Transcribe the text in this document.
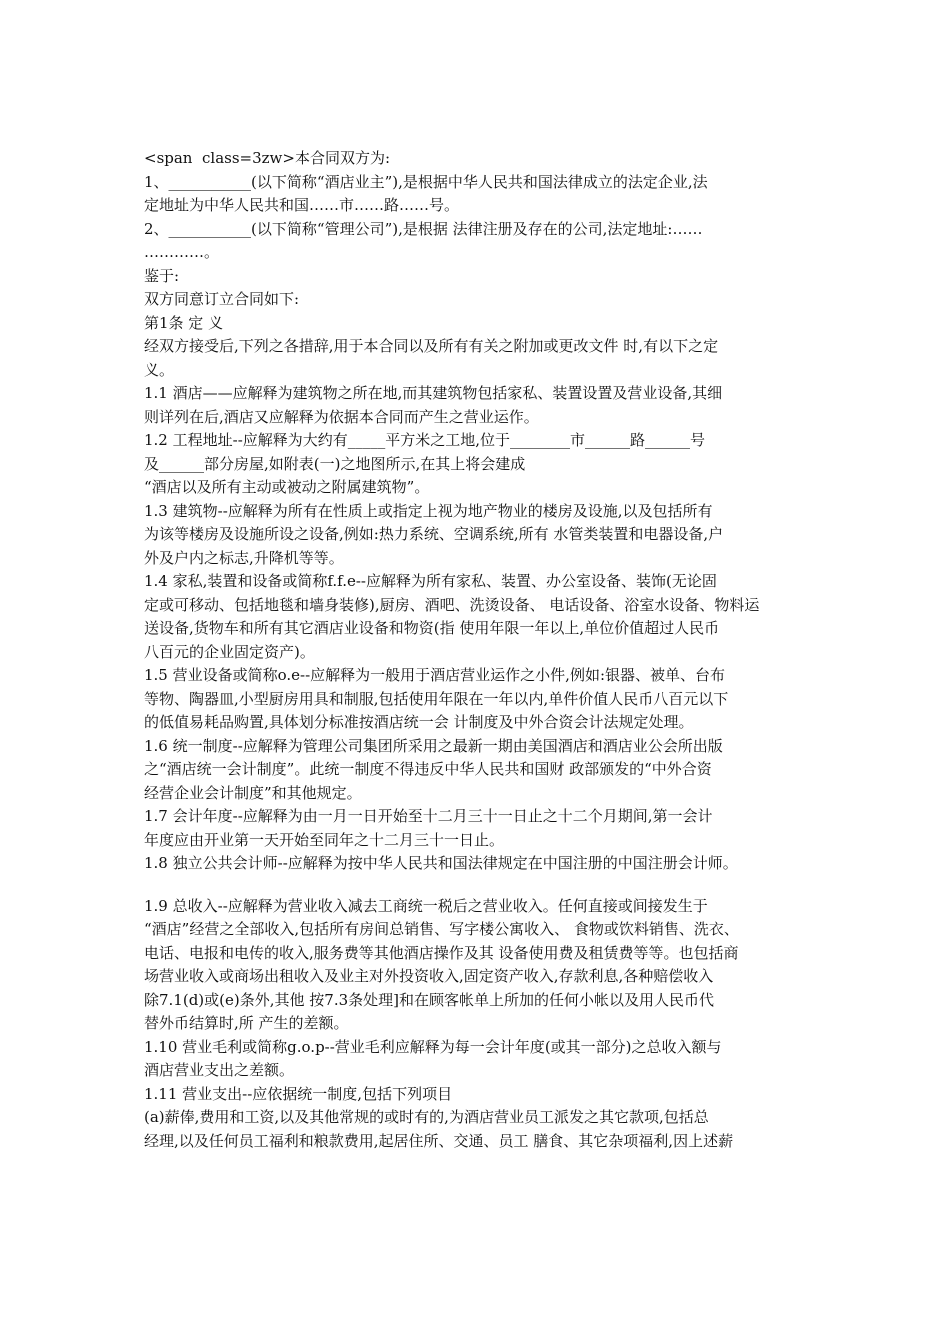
<span  class=3zw>本合同双方为:
1、___________(以下简称“酒店业主”),是根据中华人民共和国法律成立的法定企业,法
定地址为中华人民共和国……市……路……号。
2、___________(以下简称“管理公司”),是根据 法律注册及存在的公司,法定地址:……
…………。
鉴于:
双方同意订立合同如下:
第1条 定 义
经双方接受后,下列之各措辞,用于本合同以及所有有关之附加或更改文件 时,有以下之定
义。
1.1 酒店——应解释为建筑物之所在地,而其建筑物包括家私、装置设置及营业设备,其细
则详列在后,酒店又应解释为依据本合同而产生之营业运作。
1.2 工程地址--应解释为大约有_____平方米之工地,位于________市______路______号
及______部分房屋,如附表(一)之地图所示,在其上将会建成
“酒店以及所有主动或被动之附属建筑物”。
1.3 建筑物--应解释为所有在性质上或指定上视为地产物业的楼房及设施,以及包括所有
为该等楼房及设施所设之设备,例如:热力系统、空调系统,所有 水管类装置和电器设备,户
外及户内之标志,升降机等等。
1.4 家私,装置和设备或简称f.f.e--应解释为所有家私、装置、办公室设备、装饰(无论固
定或可移动、包括地毯和墙身装修),厨房、酒吧、洗烫设备、 电话设备、浴室水设备、物料运
送设备,货物车和所有其它酒店业设备和物资(指 使用年限一年以上,单位价值超过人民币
八百元的企业固定资产)。
1.5 营业设备或简称o.e--应解释为一般用于酒店营业运作之小件,例如:银器、被单、台布
等物、陶器皿,小型厨房用具和制服,包括使用年限在一年以内,单件价值人民币八百元以下
的低值易耗品购置,具体划分标准按酒店统一会 计制度及中外合资会计法规定处理。
1.6 统一制度--应解释为管理公司集团所采用之最新一期由美国酒店和酒店业公会所出版
之“酒店统一会计制度”。此统一制度不得违反中华人民共和国财 政部颁发的“中外合资
经营企业会计制度”和其他规定。
1.7 会计年度--应解释为由一月一日开始至十二月三十一日止之十二个月期间,第一会计
年度应由开业第一天开始至同年之十二月三十一日止。
1.8 独立公共会计师--应解释为按中华人民共和国法律规定在中国注册的中国注册会计师。
1.9 总收入--应解释为营业收入减去工商统一税后之营业收入。任何直接或间接发生于
“酒店”经营之全部收入,包括所有房间总销售、写字楼公寓收入、 食物或饮料销售、洗衣、
电话、电报和电传的收入,服务费等其他酒店操作及其 设备使用费及租赁费等等。也包括商
场营业收入或商场出租收入及业主对外投资收入,固定资产收入,存款利息,各种赔偿收入
除7.1(d)或(e)条外,其他 按7.3条处理]和在顾客帐单上所加的任何小帐以及用人民币代
替外币结算时,所 产生的差额。
1.10 营业毛利或简称g.o.p--营业毛利应解释为每一会计年度(或其一部分)之总收入额与
酒店营业支出之差额。
1.11 营业支出--应依据统一制度,包括下列项目
(a)薪俸,费用和工资,以及其他常规的或时有的,为酒店营业员工派发之其它款项,包括总
经理,以及任何员工福利和粮款费用,起居住所、交通、员工 膳食、其它杂项福利,因上述薪
